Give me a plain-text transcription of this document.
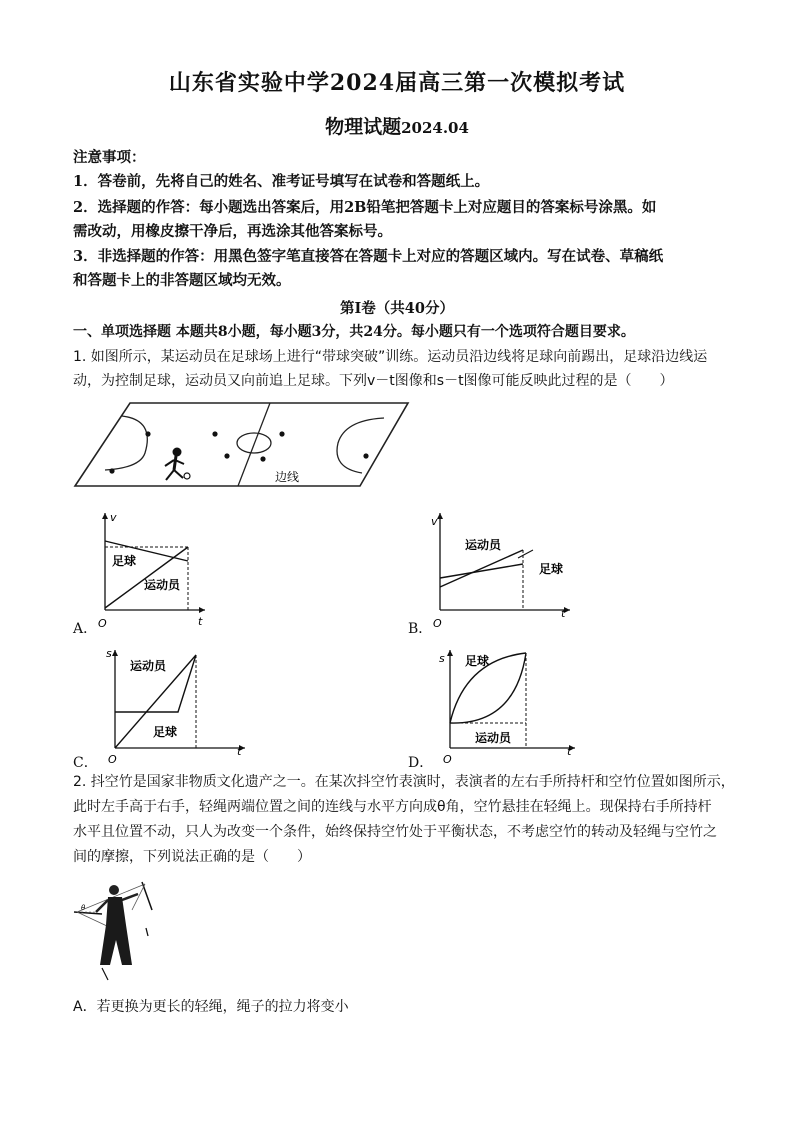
山东省实验中学2024届高三第一次模拟考试
物理试题2024.04
注意事项：
1．答卷前，先将自己的姓名、准考证号填写在试卷和答题纸上。
2．选择题的作答：每小题选出答案后，用2B铅笔把答题卡上对应题目的答案标号涂黑。如
需改动，用橡皮擦干净后，再选涂其他答案标号。
3．非选择题的作答：用黑色签字笔直接答在答题卡上对应的答题区域内。写在试卷、草稿纸
和答题卡上的非答题区域均无效。
第Ⅰ卷（共40分）
一、单项选择题 本题共8小题，每小题3分，共24分。每小题只有一个选项符合题目要求。
1. 如图所示，某运动员在足球场上进行“带球突破”训练。运动员沿边线将足球向前踢出，足球沿边线运
动，为控制足球，运动员又向前追上足球。下列v－t图像和s－t图像可能反映此过程的是（　　）
边线
v
t
O
足球
运动员
A．
v
t
O
运动员
足球
B．
s
t
O
运动员
足球
C．
s
t
O
足球
运动员
D．
2. 抖空竹是国家非物质文化遗产之一。在某次抖空竹表演时，表演者的左右手所持杆和空竹位置如图所示，
此时左手高于右手，轻绳两端位置之间的连线与水平方向成θ角，空竹悬挂在轻绳上。现保持右手所持杆
水平且位置不动，只人为改变一个条件，始终保持空竹处于平衡状态，不考虑空竹的转动及轻绳与空竹之
间的摩擦，下列说法正确的是（　　）
θ
A．若更换为更长的轻绳，绳子的拉力将变小
